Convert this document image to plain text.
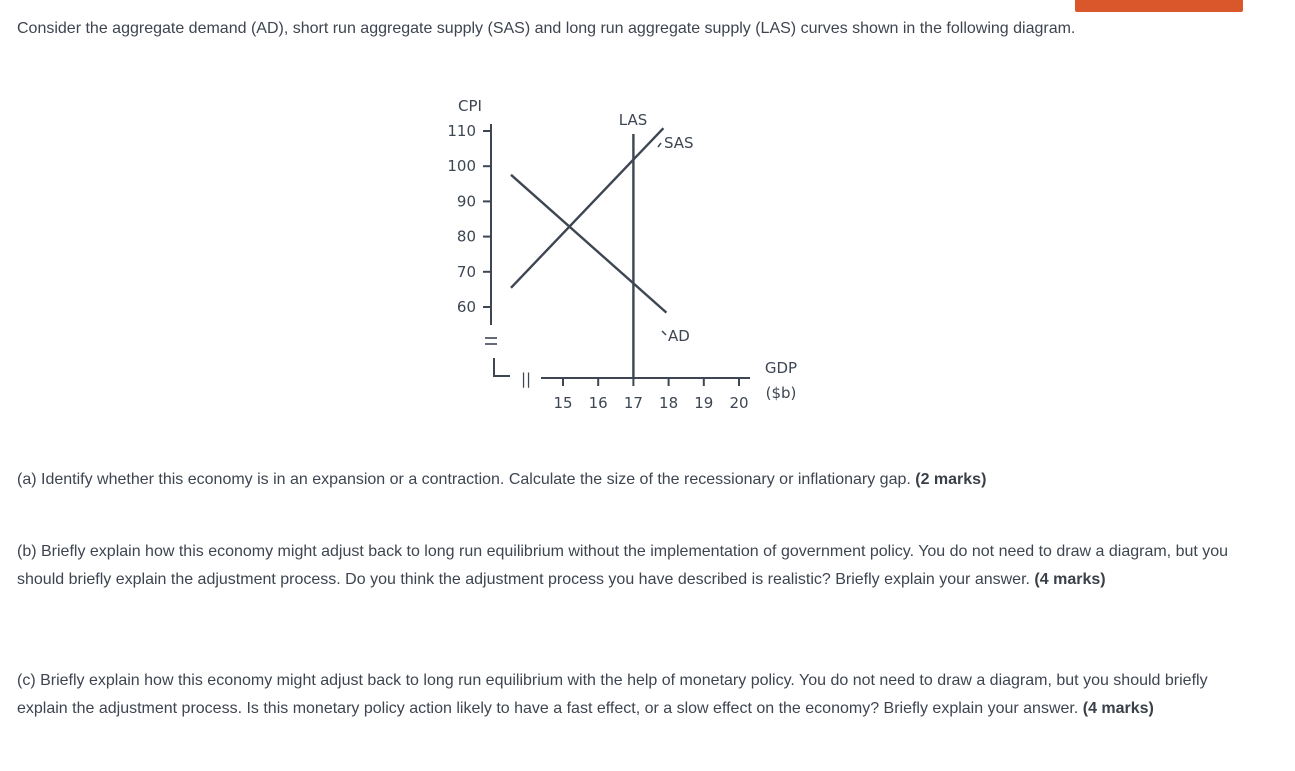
Consider the aggregate demand (AD), short run aggregate supply (SAS) and long run aggregate supply (LAS) curves shown in the following diagram.

CPI
110
100
90
80
70
60
||
15 16 17 18 19 20
GDP
($b)
LAS
SAS
AD

(a) Identify whether this economy is in an expansion or a contraction. Calculate the size of the recessionary or inflationary gap. (2 marks)

(b) Briefly explain how this economy might adjust back to long run equilibrium without the implementation of government policy. You do not need to draw a diagram, but you should briefly explain the adjustment process. Do you think the adjustment process you have described is realistic? Briefly explain your answer. (4 marks)

(c) Briefly explain how this economy might adjust back to long run equilibrium with the help of monetary policy. You do not need to draw a diagram, but you should briefly explain the adjustment process. Is this monetary policy action likely to have a fast effect, or a slow effect on the economy? Briefly explain your answer. (4 marks)
